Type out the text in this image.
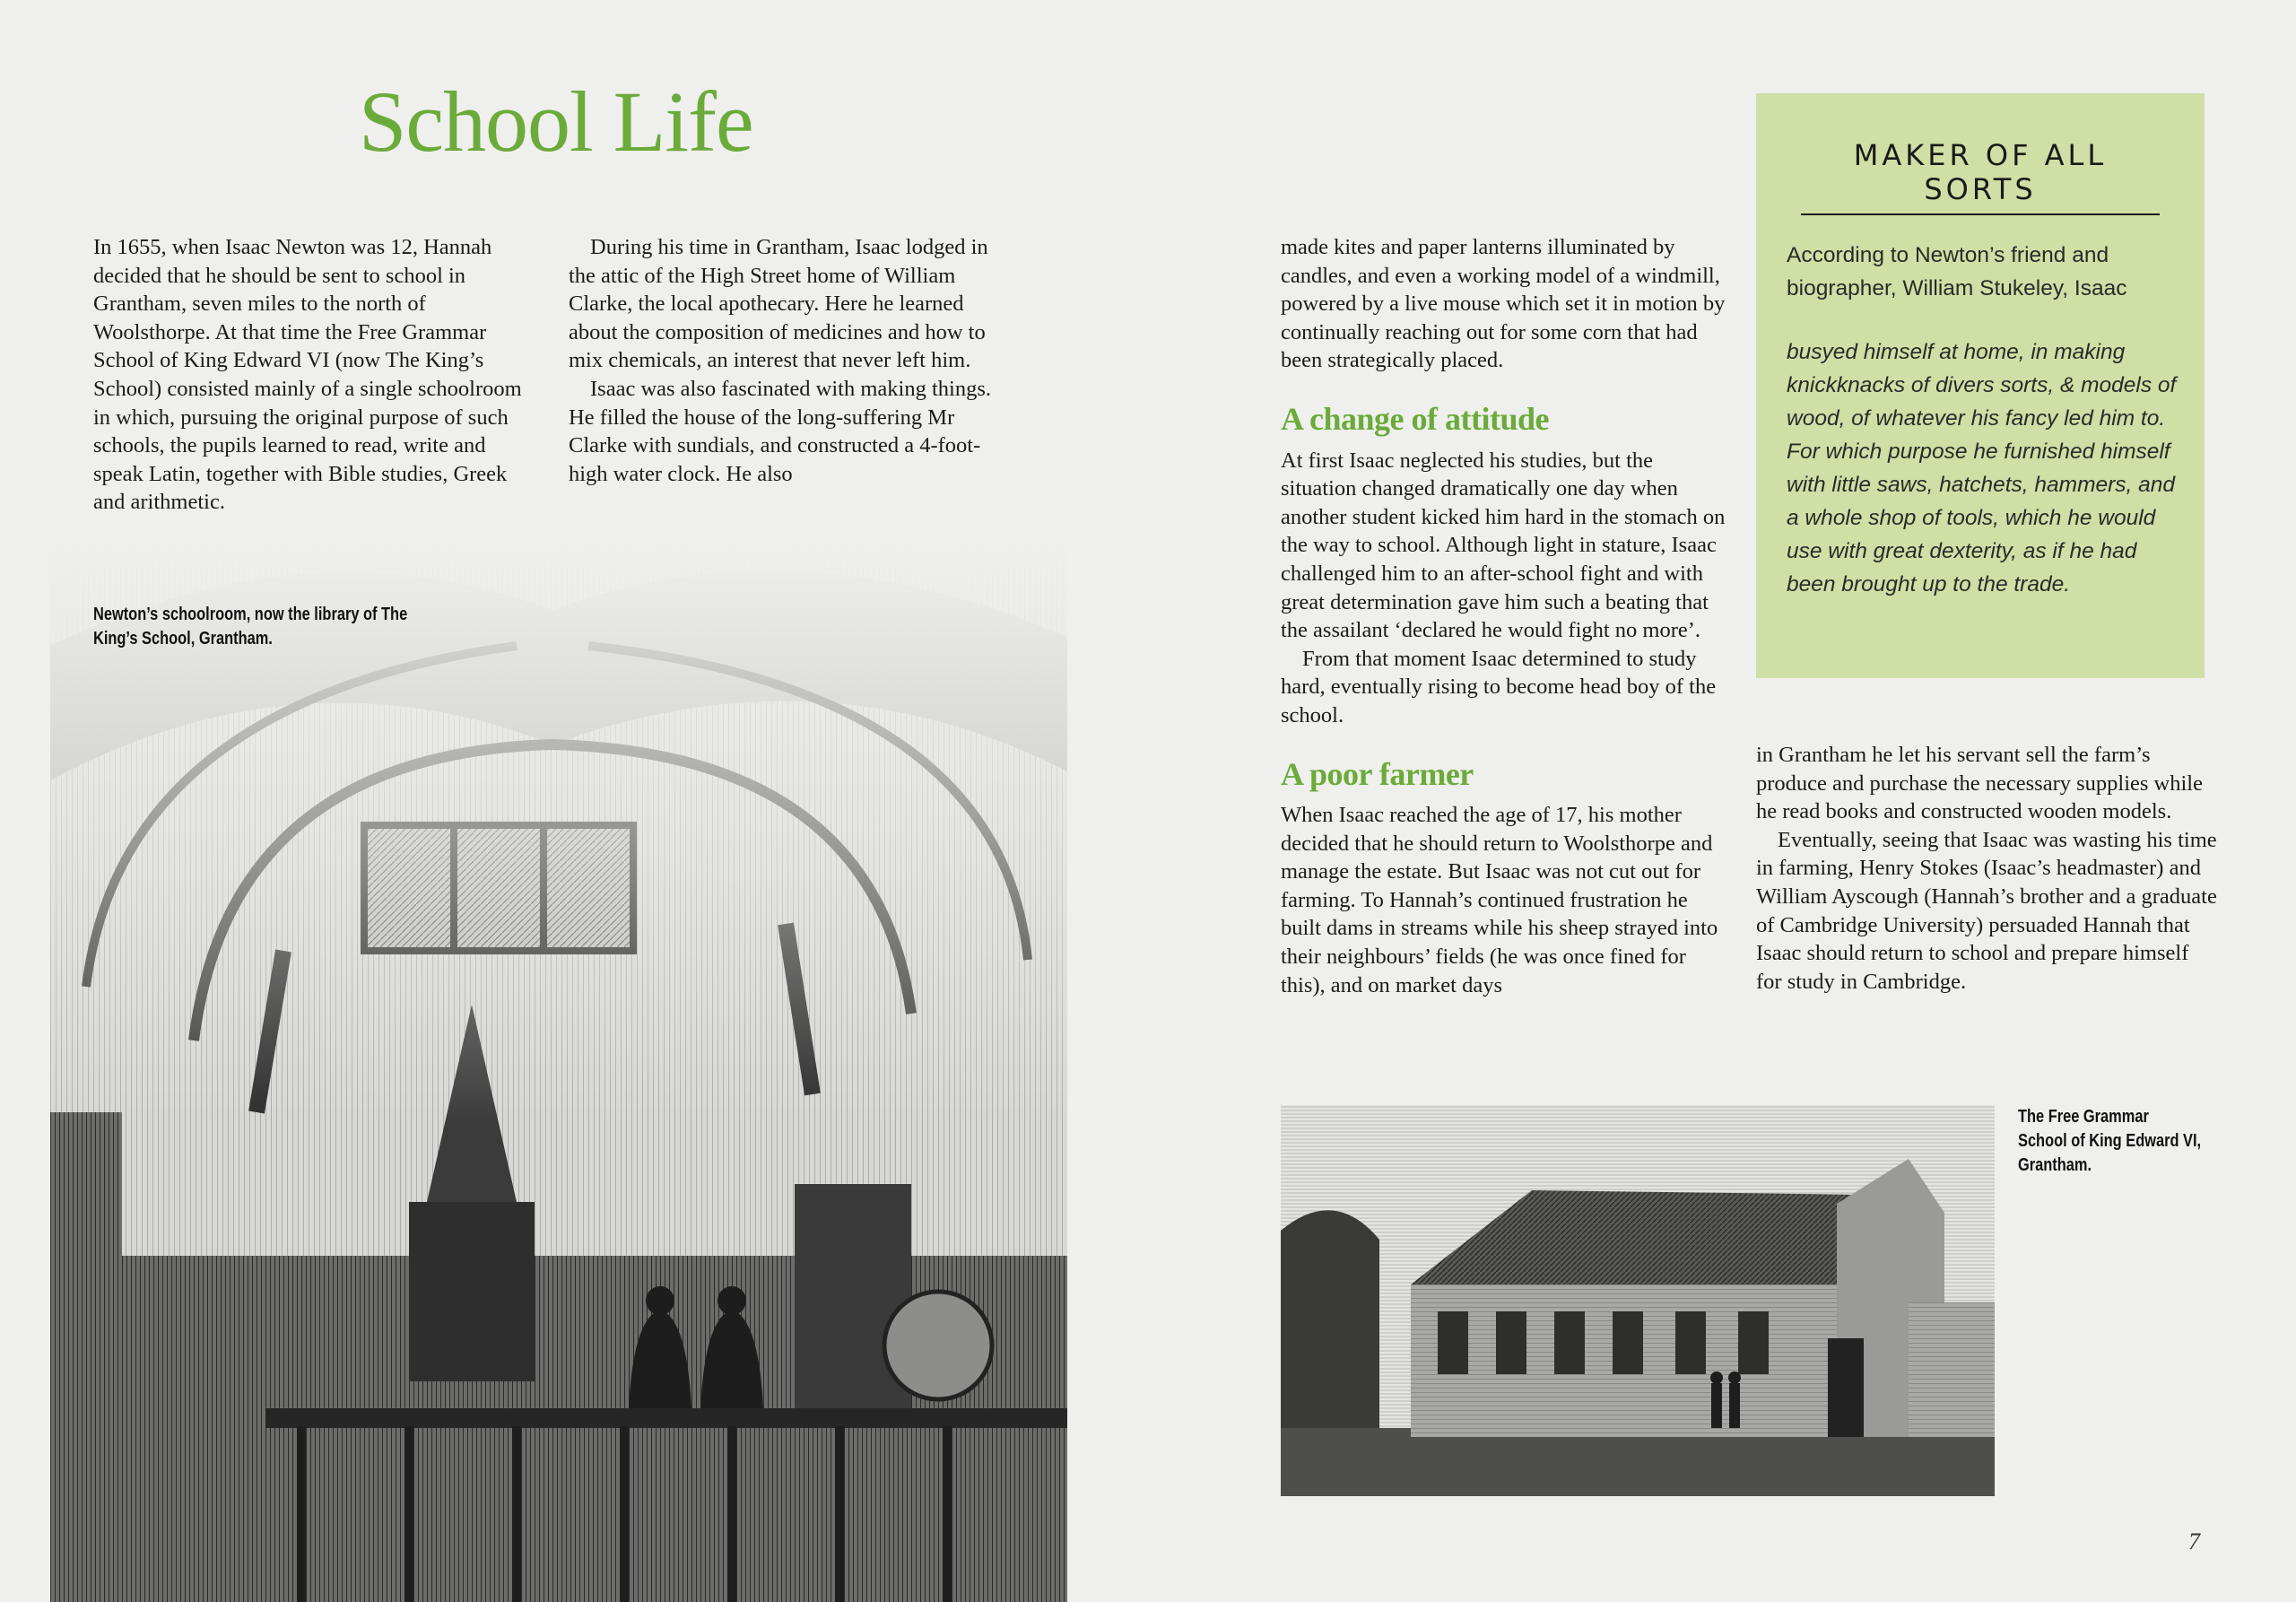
School Life
Newton’s schoolroom, now the library of The King’s School, Grantham.

In 1655, when Isaac Newton was 12, Hannah decided that he should be sent to school in Grantham, seven miles to the north of Woolsthorpe. At that time the Free Grammar School of King Edward VI (now The King’s School) consisted mainly of a single schoolroom in which, pursuing the original purpose of such schools, the pupils learned to read, write and speak Latin, together with Bible studies, Greek and arithmetic.

During his time in Grantham, Isaac lodged in the attic of the High Street home of William Clarke, the local apothecary. Here he learned about the composition of medicines and how to mix chemicals, an interest that never left him.

Isaac was also fascinated with making things. He filled the house of the long-suffering Mr Clarke with sundials, and constructed a 4-foot-high water clock. He also

made kites and paper lanterns illuminated by candles, and even a working model of a windmill, powered by a live mouse which set it in motion by continually reaching out for some corn that had been strategically placed.

A change of attitude

At first Isaac neglected his studies, but the situation changed dramatically one day when another student kicked him hard in the stomach on the way to school. Although light in stature, Isaac challenged him to an after-school fight and with great determination gave him such a beating that the assailant ‘declared he would fight no more’.

From that moment Isaac determined to study hard, eventually rising to become head boy of the school.

A poor farmer

When Isaac reached the age of 17, his mother decided that he should return to Woolsthorpe and manage the estate. But Isaac was not cut out for farming. To Hannah’s continued frustration he built dams in streams while his sheep strayed into their neighbours’ fields (he was once fined for this), and on market days

MAKER OF ALL SORTS
According to Newton’s friend and biographer, William Stukeley, Isaac
busyed himself at home, in making knickknacks of divers sorts, & models of wood, of whatever his fancy led him to. For which purpose he furnished himself with little saws, hatchets, hammers, and a whole shop of tools, which he would use with great dexterity, as if he had been brought up to the trade.

in Grantham he let his servant sell the farm’s produce and purchase the necessary supplies while he read books and constructed wooden models.

Eventually, seeing that Isaac was wasting his time in farming, Henry Stokes (Isaac’s headmaster) and William Ayscough (Hannah’s brother and a graduate of Cambridge University) persuaded Hannah that Isaac should return to school and prepare himself for study in Cambridge.

The Free Grammar School of King Edward VI, Grantham.
7
